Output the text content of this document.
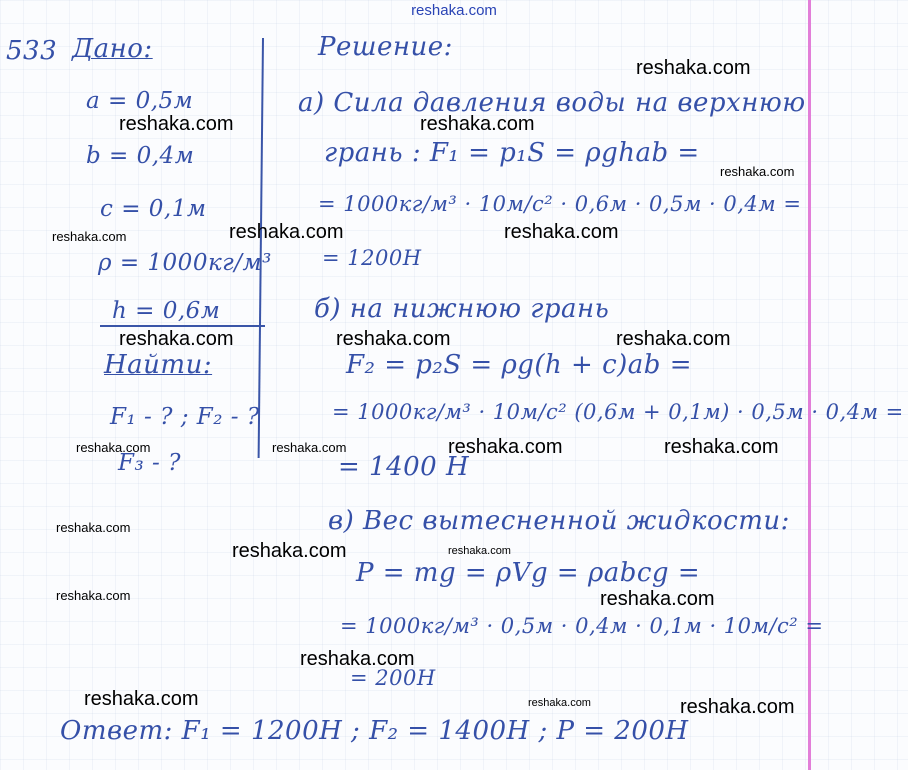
reshaka.com
533 Дано:
a = 0,5м
b = 0,4м
c = 0,1м
ρ = 1000кг/м³
h = 0,6м
Найти:
F₁ - ? ; F₂ - ?
F₃ - ?
Решение:
а) Сила давления воды на верхнюю
грань : F₁ = p₁S = ρghab =
= 1000кг/м³ · 10м/с² · 0,6м · 0,5м · 0,4м =
= 1200Н
б) на нижнюю грань
F₂ = p₂S = ρg(h + c)ab =
= 1000кг/м³ · 10м/с² (0,6м + 0,1м) · 0,5м · 0,4м =
= 1400 Н
в) Вес вытесненной жидкости:
P = mg = ρVg = ρabcg =
= 1000кг/м³ · 0,5м · 0,4м · 0,1м · 10м/с² =
= 200Н
Ответ: F₁ = 1200Н ; F₂ = 1400Н ; P = 200Н
reshaka.com
reshaka.com	reshaka.com
reshaka.com
reshaka.com	reshaka.com	reshaka.com
reshaka.com	reshaka.com	reshaka.com
reshaka.com	reshaka.com	reshaka.com	reshaka.com
reshaka.com
reshaka.com	reshaka.com
reshaka.com	reshaka.com
reshaka.com
reshaka.com	reshaka.com	reshaka.com
